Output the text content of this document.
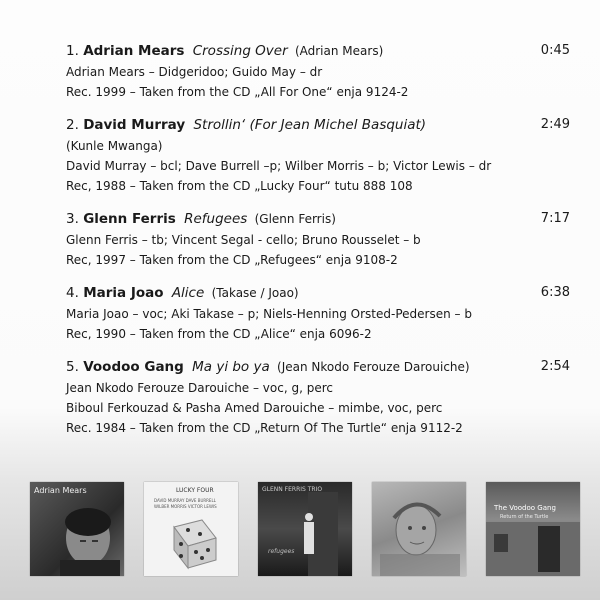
1. Adrian Mears Crossing Over (Adrian Mears)	0:45
Adrian Mears – Didgeridoo; Guido May – dr
Rec. 1999 – Taken from the CD „All For One“ enja 9124-2
2. David Murray Strollin‘ (For Jean Michel Basquiat)	2:49
(Kunle Mwanga)
David Murray – bcl; Dave Burrell –p; Wilber Morris – b; Victor Lewis – dr
Rec, 1988 – Taken from the CD „Lucky Four“ tutu 888 108
3. Glenn Ferris Refugees (Glenn Ferris)	7:17
Glenn Ferris – tb; Vincent Segal - cello; Bruno Rousselet – b
Rec, 1997 – Taken from the CD „Refugees“ enja 9108-2
4. Maria Joao Alice (Takase / Joao)	6:38
Maria Joao – voc; Aki Takase – p; Niels-Henning Orsted-Pedersen – b
Rec, 1990 – Taken from the CD „Alice“ enja 6096-2
5. Voodoo Gang Ma yi bo ya (Jean Nkodo Ferouze Darouiche)	2:54
Jean Nkodo Ferouze Darouiche – voc, g, perc
Biboul Ferkouzad & Pasha Amed Darouiche – mimbe, voc, perc
Rec. 1984 – Taken from the CD „Return Of The Turtle“ enja 9112-2
Adrian Mears	LUCKY FOUR
DAVID MURRAY DAVE BURRELL
WILBER MORRIS VICTOR LEWIS
GLENN FERRIS TRIO
refugees
The Voodoo Gang
Return of the Turtle
